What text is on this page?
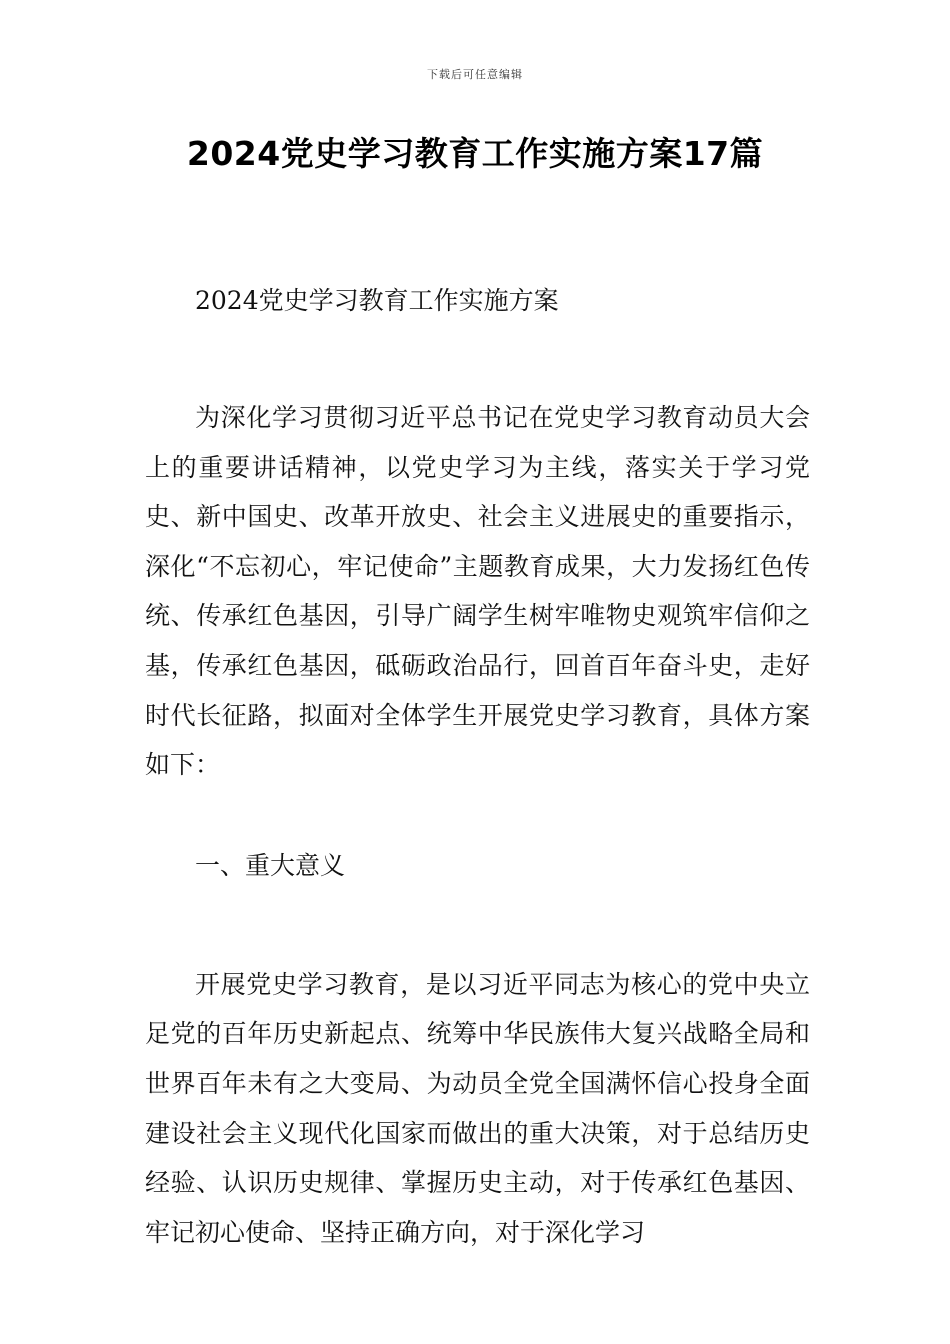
下载后可任意编辑
2024党史学习教育工作实施方案17篇

2024党史学习教育工作实施方案

为深化学习贯彻习近平总书记在党史学习教育动员大会上的重要讲话精神，以党史学习为主线，落实关于学习党史、新中国史、改革开放史、社会主义进展史的重要指示，深化“不忘初心，牢记使命”主题教育成果，大力发扬红色传统、传承红色基因，引导广阔学生树牢唯物史观筑牢信仰之基，传承红色基因，砥砺政治品行，回首百年奋斗史，走好时代长征路，拟面对全体学生开展党史学习教育，具体方案如下：

一、重大意义

开展党史学习教育，是以习近平同志为核心的党中央立足党的百年历史新起点、统筹中华民族伟大复兴战略全局和世界百年未有之大变局、为动员全党全国满怀信心投身全面建设社会主义现代化国家而做出的重大决策，对于总结历史经验、认识历史规律、掌握历史主动，对于传承红色基因、牢记初心使命、坚持正确方向，对于深化学习
